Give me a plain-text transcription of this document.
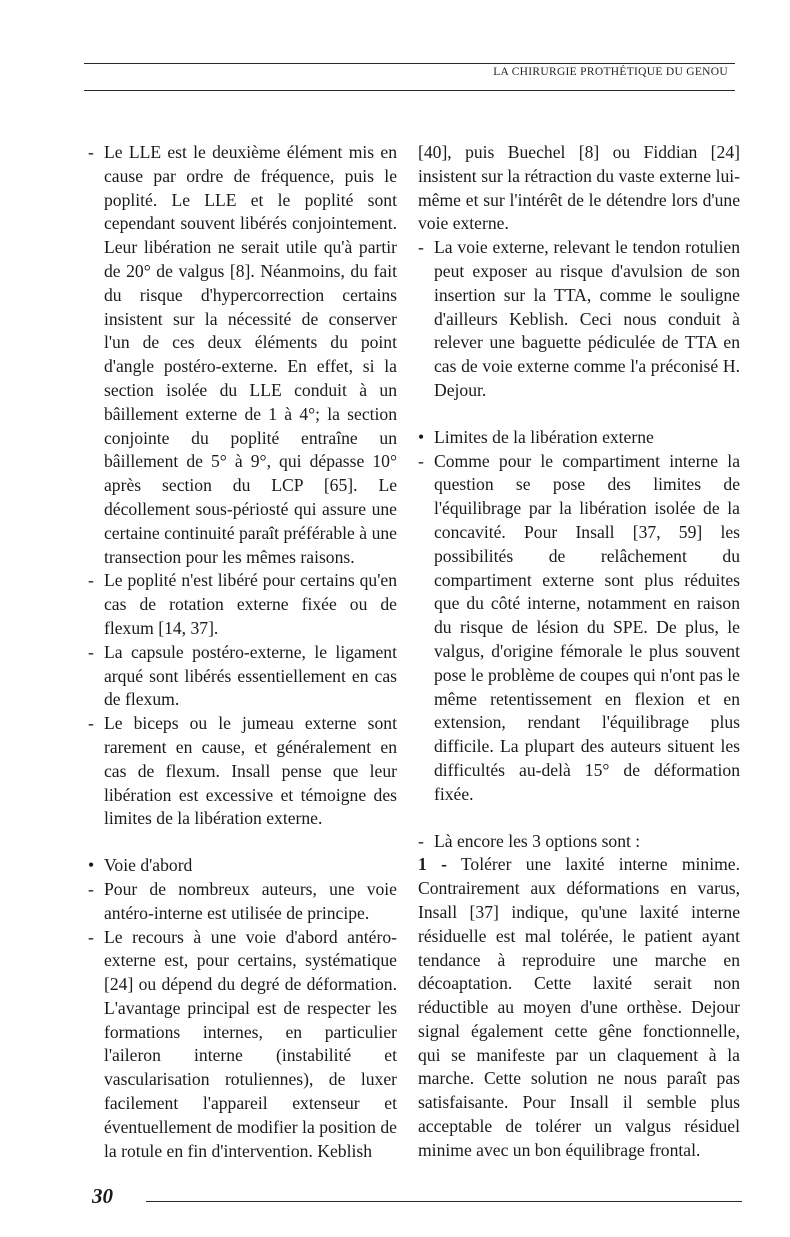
LA CHIRURGIE PROTHÉTIQUE DU GENOU

- Le LLE est le deuxième élément mis en cause par ordre de fréquence, puis le poplité. Le LLE et le poplité sont cependant souvent libérés conjointement. Leur libération ne serait utile qu'à partir de 20° de valgus [8]. Néanmoins, du fait du risque d'hypercorrection certains insistent sur la nécessité de conserver l'un de ces deux éléments du point d'angle postéro-externe. En effet, si la section isolée du LLE conduit à un bâillement externe de 1 à 4°; la section conjointe du poplité entraîne un bâillement de 5° à 9°, qui dépasse 10° après section du LCP [65]. Le décollement sous-périosté qui assure une certaine continuité paraît préférable à une transection pour les mêmes raisons.

- Le poplité n'est libéré pour certains qu'en cas de rotation externe fixée ou de flexum [14, 37].

- La capsule postéro-externe, le ligament arqué sont libérés essentiellement en cas de flexum.

- Le biceps ou le jumeau externe sont rarement en cause, et généralement en cas de flexum. Insall pense que leur libération est excessive et témoigne des limites de la libération externe.

• Voie d'abord

- Pour de nombreux auteurs, une voie antéro-interne est utilisée de principe.

- Le recours à une voie d'abord antéro-externe est, pour certains, systématique [24] ou dépend du degré de déformation. L'avantage principal est de respecter les formations internes, en particulier l'aileron interne (instabilité et vascularisation rotuliennes), de luxer facilement l'appareil extenseur et éventuellement de modifier la position de la rotule en fin d'intervention. Keblish

[40], puis Buechel [8] ou Fiddian [24] insistent sur la rétraction du vaste externe lui-même et sur l'intérêt de le détendre lors d'une voie externe.

- La voie externe, relevant le tendon rotulien peut exposer au risque d'avulsion de son insertion sur la TTA, comme le souligne d'ailleurs Keblish. Ceci nous conduit à relever une baguette pédiculée de TTA en cas de voie externe comme l'a préconisé H. Dejour.

• Limites de la libération externe

- Comme pour le compartiment interne la question se pose des limites de l'équilibrage par la libération isolée de la concavité. Pour Insall [37, 59] les possibilités de relâchement du compartiment externe sont plus réduites que du côté interne, notamment en raison du risque de lésion du SPE. De plus, le valgus, d'origine fémorale le plus souvent pose le problème de coupes qui n'ont pas le même retentissement en flexion et en extension, rendant l'équilibrage plus difficile. La plupart des auteurs situent les difficultés au-delà 15° de déformation fixée.

- Là encore les 3 options sont :

1 - Tolérer une laxité interne minime. Contrairement aux déformations en varus, Insall [37] indique, qu'une laxité interne résiduelle est mal tolérée, le patient ayant tendance à reproduire une marche en décoaptation. Cette laxité serait non réductible au moyen d'une orthèse. Dejour signal également cette gêne fonctionnelle, qui se manifeste par un claquement à la marche. Cette solution ne nous paraît pas satisfaisante. Pour Insall il semble plus acceptable de tolérer un valgus résiduel minime avec un bon équilibrage frontal.

30
